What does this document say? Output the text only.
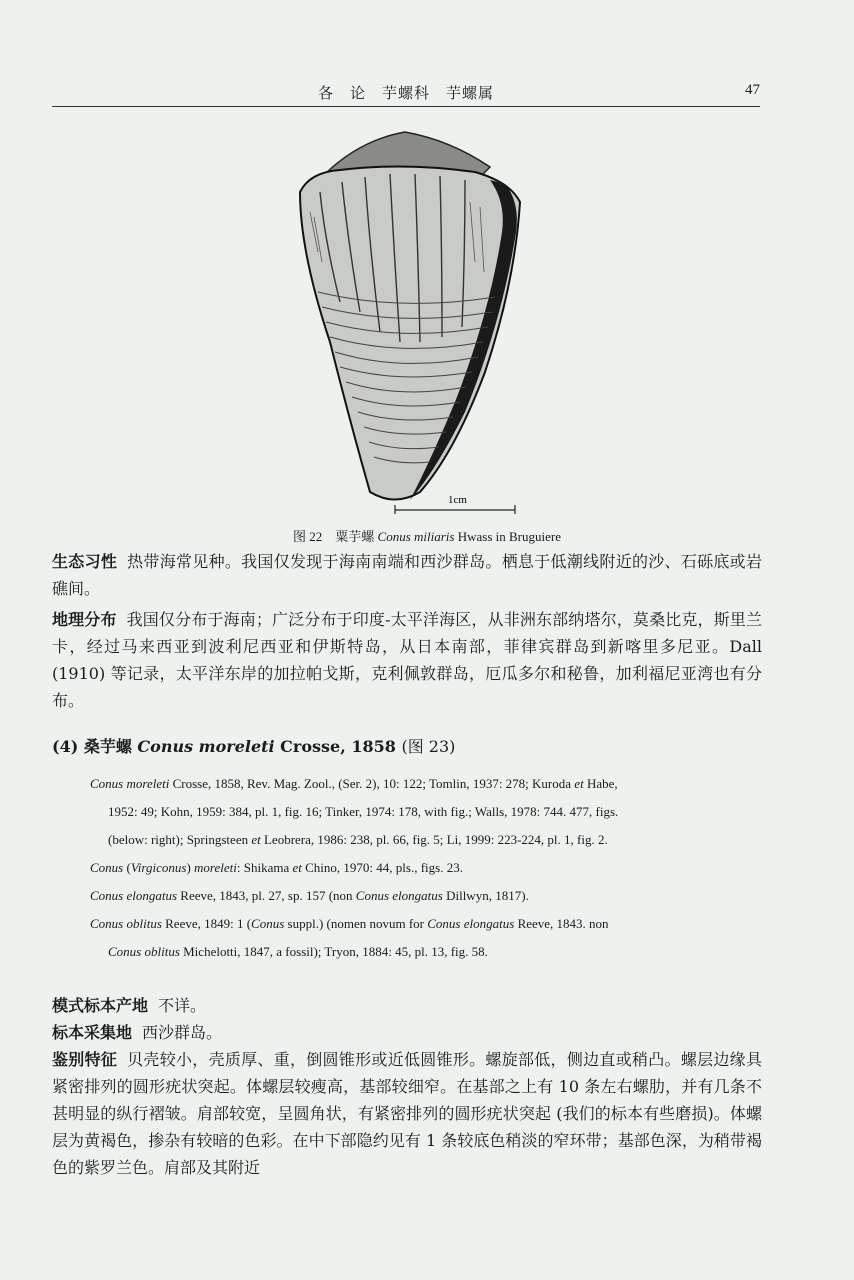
各　论　芋螺科　芋螺属	47
1cm
图 22　粟芋螺 Conus miliaris Hwass in Bruguiere
生态习性 热带海常见种。我国仅发现于海南南端和西沙群岛。栖息于低潮线附近的沙、石砾底或岩礁间。
地理分布 我国仅分布于海南；广泛分布于印度-太平洋海区，从非洲东部纳塔尔，莫桑比克，斯里兰卡，经过马来西亚到波利尼西亚和伊斯特岛，从日本南部，菲律宾群岛到新喀里多尼亚。Dall (1910) 等记录，太平洋东岸的加拉帕戈斯，克利佩敦群岛，厄瓜多尔和秘鲁，加利福尼亚湾也有分布。
(4) 桑芋螺 Conus moreleti Crosse, 1858 (图 23)
Conus moreleti Crosse, 1858, Rev. Mag. Zool., (Ser. 2), 10: 122; Tomlin, 1937: 278; Kuroda et Habe,
1952: 49; Kohn, 1959: 384, pl. 1, fig. 16; Tinker, 1974: 178, with fig.; Walls, 1978: 744. 477, figs.
(below: right); Springsteen et Leobrera, 1986: 238, pl. 66, fig. 5; Li, 1999: 223-224, pl. 1, fig. 2.
Conus (Virgiconus) moreleti: Shikama et Chino, 1970: 44, pls., figs. 23.
Conus elongatus Reeve, 1843, pl. 27, sp. 157 (non Conus elongatus Dillwyn, 1817).
Conus oblitus Reeve, 1849: 1 (Conus suppl.) (nomen novum for Conus elongatus Reeve, 1843. non
Conus oblitus Michelotti, 1847, a fossil); Tryon, 1884: 45, pl. 13, fig. 58.
模式标本产地 不详。
标本采集地 西沙群岛。
鉴别特征 贝壳较小，壳质厚、重，倒圆锥形或近低圆锥形。螺旋部低，侧边直或稍凸。螺层边缘具紧密排列的圆形疣状突起。体螺层较瘦高，基部较细窄。在基部之上有 10 条左右螺肋，并有几条不甚明显的纵行褶皱。肩部较宽，呈圆角状，有紧密排列的圆形疣状突起 (我们的标本有些磨损)。体螺层为黄褐色，掺杂有较暗的色彩。在中下部隐约见有 1 条较底色稍淡的窄环带；基部色深，为稍带褐色的紫罗兰色。肩部及其附近
